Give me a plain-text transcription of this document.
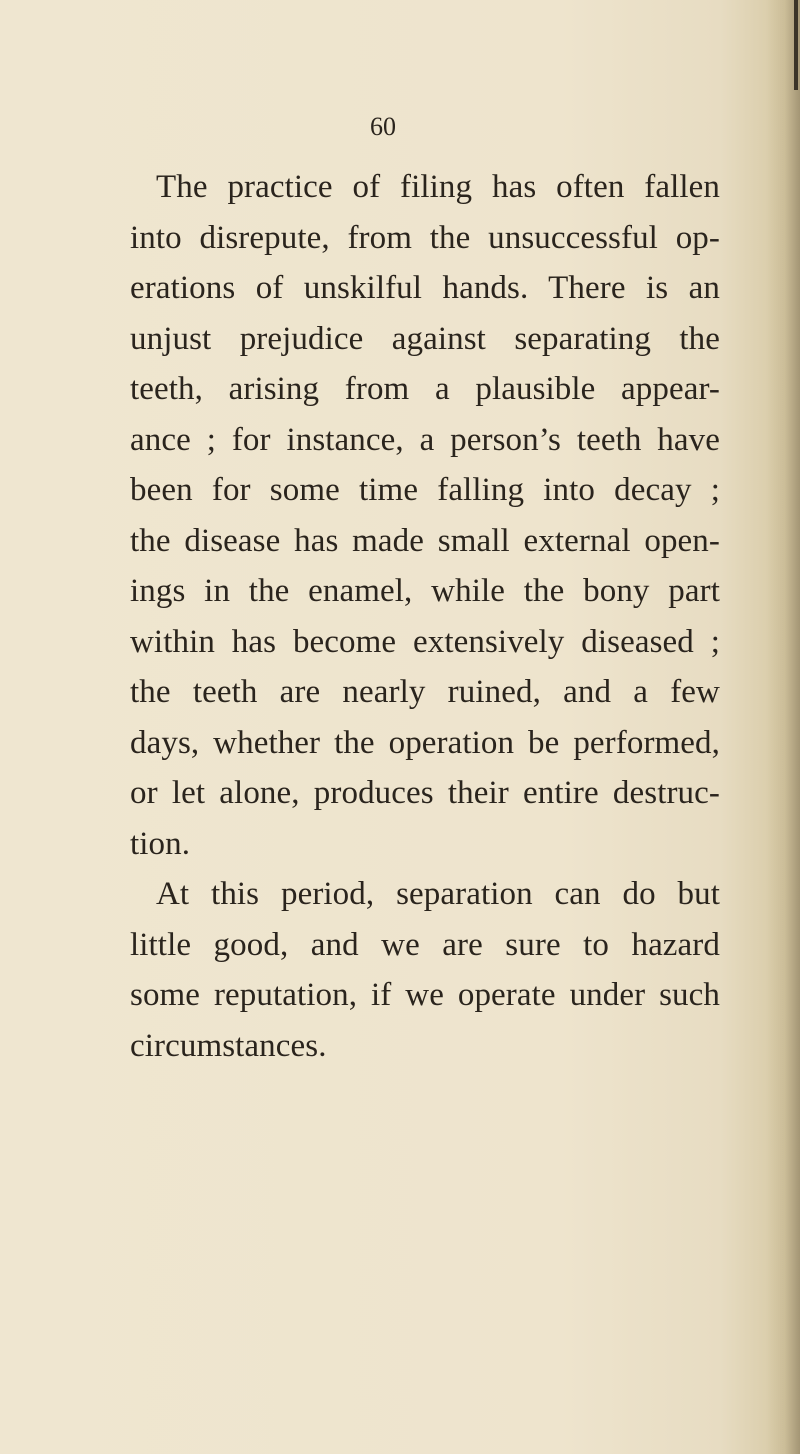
60
The practice of filing has often fallen
into disrepute, from the unsuccessful op-
erations of unskilful hands. There is an
unjust prejudice against separating the
teeth, arising from a plausible appear-
ance ; for instance, a person’s teeth have
been for some time falling into decay ;
the disease has made small external open-
ings in the enamel, while the bony part
within has become extensively diseased ;
the teeth are nearly ruined, and a few
days, whether the operation be performed,
or let alone, produces their entire destruc-
tion.
At this period, separation can do but
little good, and we are sure to hazard
some reputation, if we operate under such
circumstances.
